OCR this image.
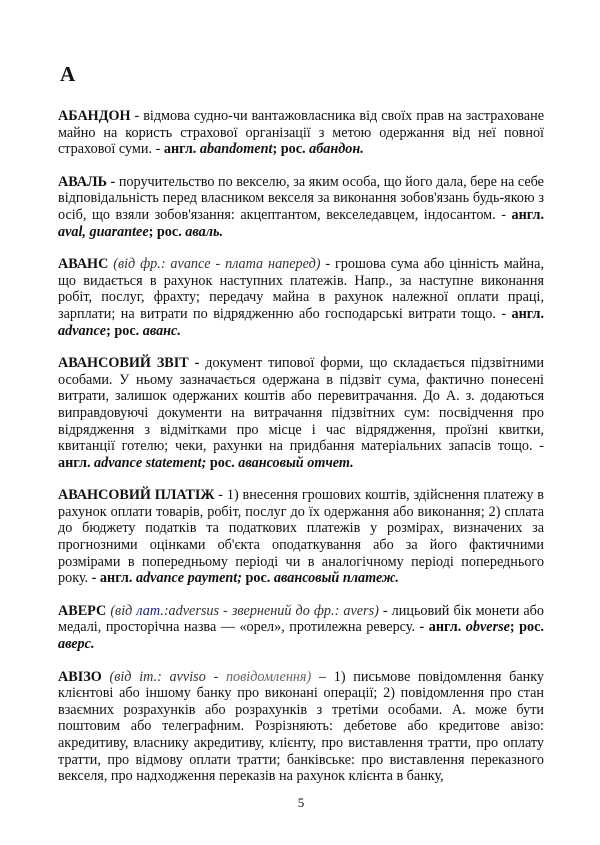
А

АБАНДОН - відмова судно-чи вантажовласника від своїх прав на застраховане майно на користь страхової організації з метою одержання від неї повної страхової суми. - англ. abandoment; рос. абандон.

АВАЛЬ - поручительство по векселю, за яким особа, що його дала, бере на себе відповідальність перед власником векселя за виконання зобов'язань будь-якою з осіб, що взяли зобов'язання: акцептантом, векселедавцем, індосантом. - англ. aval, guarantee; рос. аваль.

АВАНС (від фр.: avance - плата наперед) - грошова сума або цінність майна, що видається в рахунок наступних платежів. Напр., за наступне виконання робіт, послуг, фрахту; передачу майна в рахунок належної оплати праці, зарплати; на витрати по відрядженню або господарські витрати тощо. - англ. advance; рос. аванс.

АВАНСОВИЙ ЗВІТ - документ типової форми, що складається підзвітними особами. У ньому зазначається одержана в підзвіт сума, фактично понесені витрати, залишок одержаних коштів або перевитрачання. До А. з. додаються виправдовуючі документи на витрачання підзвітних сум: посвідчення про відрядження з відмітками про місце і час відрядження, проїзні квитки, квитанції готелю; чеки, рахунки на придбання матеріальних запасів тощо. - англ. advance statement; рос. авансовый отчет.

АВАНСОВИЙ ПЛАТІЖ - 1) внесення грошових коштів, здійснення платежу в рахунок оплати товарів, робіт, послуг до їх одержання або виконання; 2) сплата до бюджету податків та податкових платежів у розмірах, визначених за прогнозними оцінками об'єкта оподаткування або за його фактичними розмірами в попередньому періоді чи в аналогічному періоді попереднього року. - англ. advance payment; рос. авансовый платеж.

АВЕРС (від лат.:adversus - звернений до фр.: avers) - лицьовий бік монети або медалі, просторічна назва — «орел», протилежна реверсу. - англ. obverse; рос. аверс.

АВІЗО (від іт.: avviso - повідомлення) – 1) письмове повідомлення банку клієнтові або іншому банку про виконані операції; 2) повідомлення про стан взаємних розрахунків або розрахунків з третіми особами. А. може бути поштовим або телеграфним. Розрізняють: дебетове або кредитове авізо: акредитиву, власнику акредитиву, клієнту, про виставлення тратти, про оплату тратти, про відмову оплати тратти; банківське: про виставлення переказного векселя, про надходження переказів на рахунок клієнта в банку,

5
